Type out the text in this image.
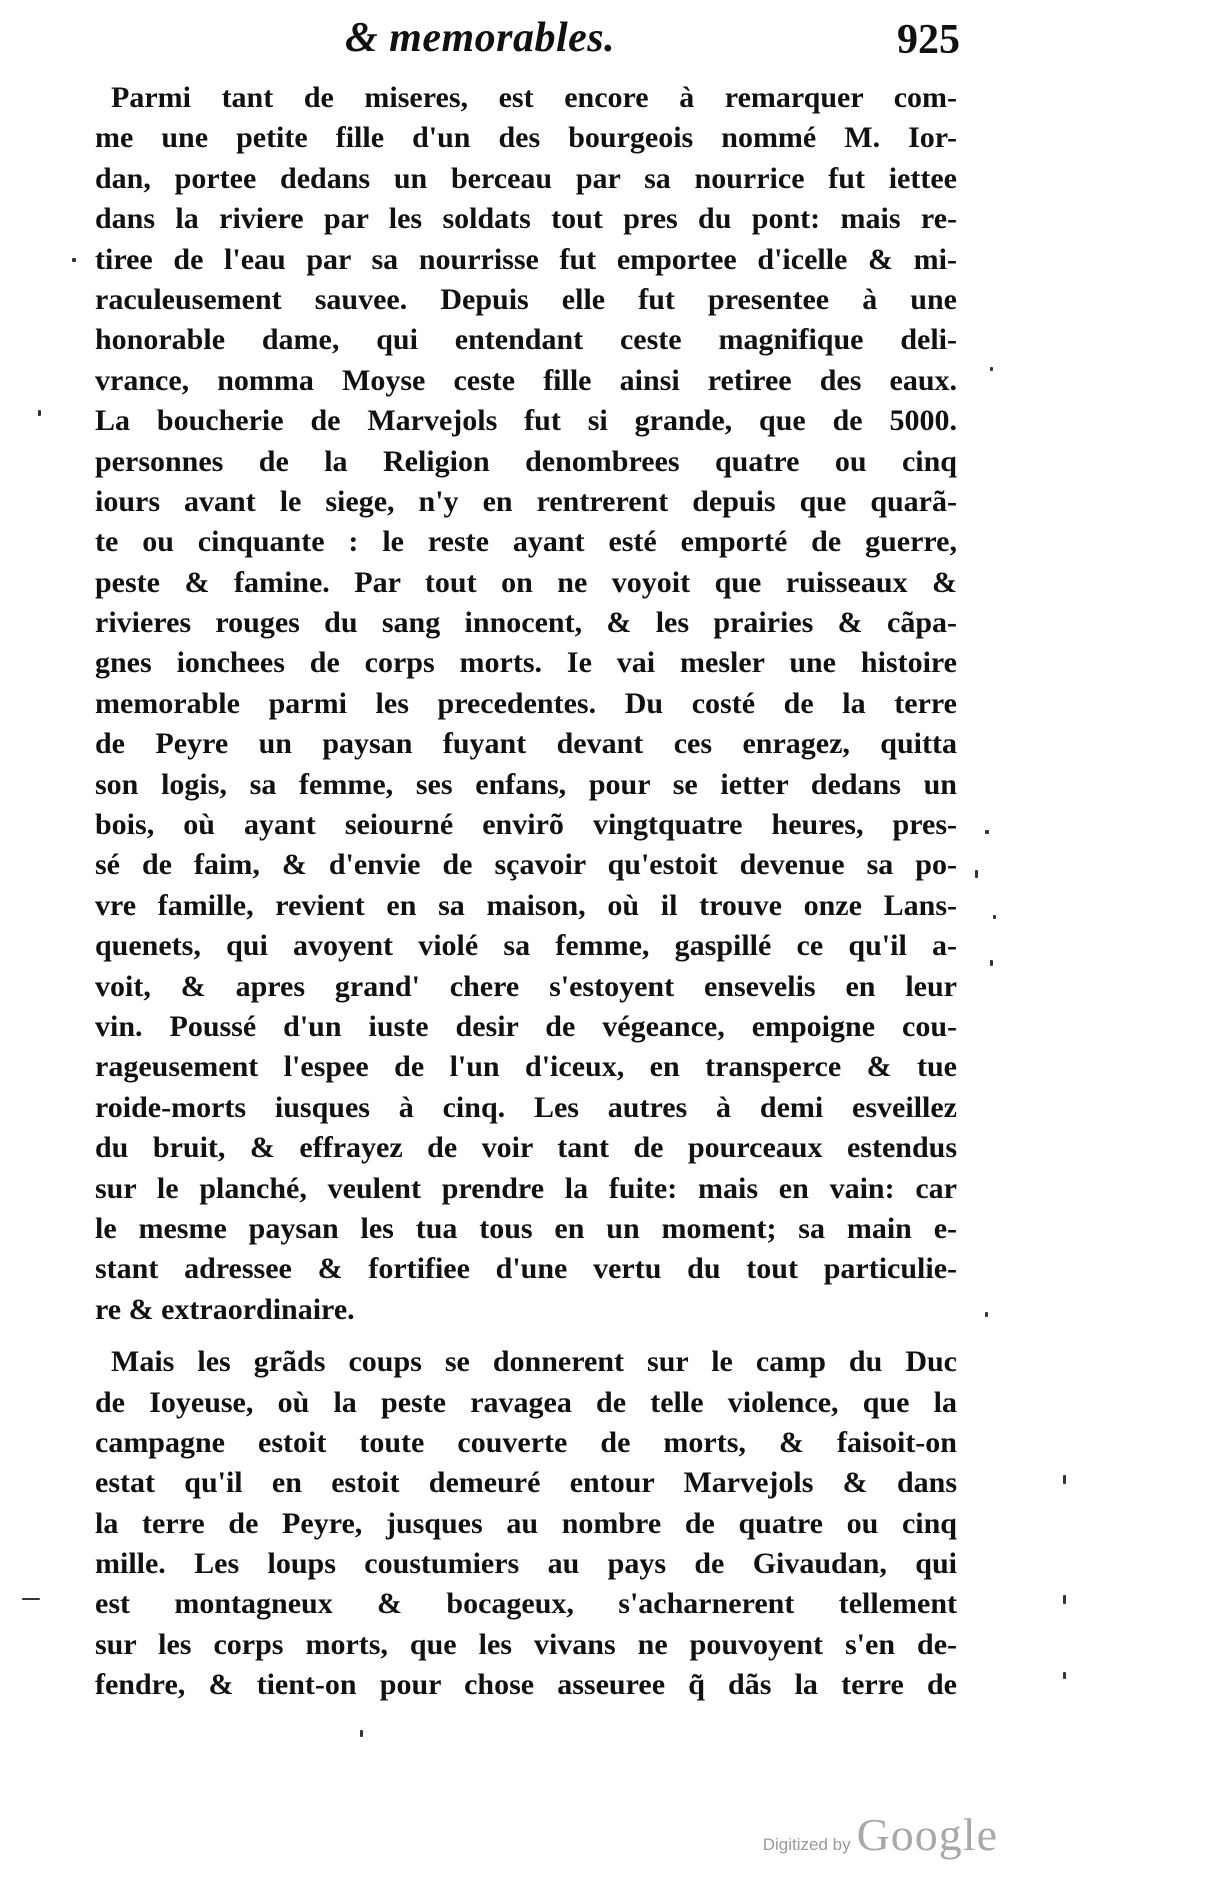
& memorables.	925
Parmi tant de miseres, est encore à remarquer com-
me une petite fille d'un des bourgeois nommé M. Ior-
dan, portee dedans un berceau par sa nourrice fut iettee
dans la riviere par les soldats tout pres du pont: mais re-
tiree de l'eau par sa nourrisse fut emportee d'icelle & mi-
raculeusement sauvee. Depuis elle fut presentee à une
honorable dame, qui entendant ceste magnifique deli-
vrance, nomma Moyse ceste fille ainsi retiree des eaux.
La boucherie de Marvejols fut si grande, que de 5000.
personnes de la Religion denombrees quatre ou cinq
iours avant le siege, n'y en rentrerent depuis que quarã-
te ou cinquante : le reste ayant esté emporté de guerre,
peste & famine. Par tout on ne voyoit que ruisseaux &
rivieres rouges du sang innocent, & les prairies & cãpa-
gnes ionchees de corps morts. Ie vai mesler une histoire
memorable parmi les precedentes. Du costé de la terre
de Peyre un paysan fuyant devant ces enragez, quitta
son logis, sa femme, ses enfans, pour se ietter dedans un
bois, où ayant seiourné envirõ vingtquatre heures, pres-
sé de faim, & d'envie de sçavoir qu'estoit devenue sa po-
vre famille, revient en sa maison, où il trouve onze Lans-
quenets, qui avoyent violé sa femme, gaspillé ce qu'il a-
voit, & apres grand' chere s'estoyent ensevelis en leur
vin. Poussé d'un iuste desir de végeance, empoigne cou-
rageusement l'espee de l'un d'iceux, en transperce & tue
roide-morts iusques à cinq. Les autres à demi esveillez
du bruit, & effrayez de voir tant de pourceaux estendus
sur le planché, veulent prendre la fuite: mais en vain: car
le mesme paysan les tua tous en un moment; sa main e-
stant adressee & fortifiee d'une vertu du tout particulie-
re & extraordinaire.
Mais les grãds coups se donnerent sur le camp du Duc
de Ioyeuse, où la peste ravagea de telle violence, que la
campagne estoit toute couverte de morts, & faisoit-on
estat qu'il en estoit demeuré entour Marvejols & dans
la terre de Peyre, jusques au nombre de quatre ou cinq
mille. Les loups coustumiers au pays de Givaudan, qui
est montagneux & bocageux, s'acharnerent tellement
sur les corps morts, que les vivans ne pouvoyent s'en de-
fendre, & tient-on pour chose asseuree q̃ dãs la terre de
Digitized by Google
